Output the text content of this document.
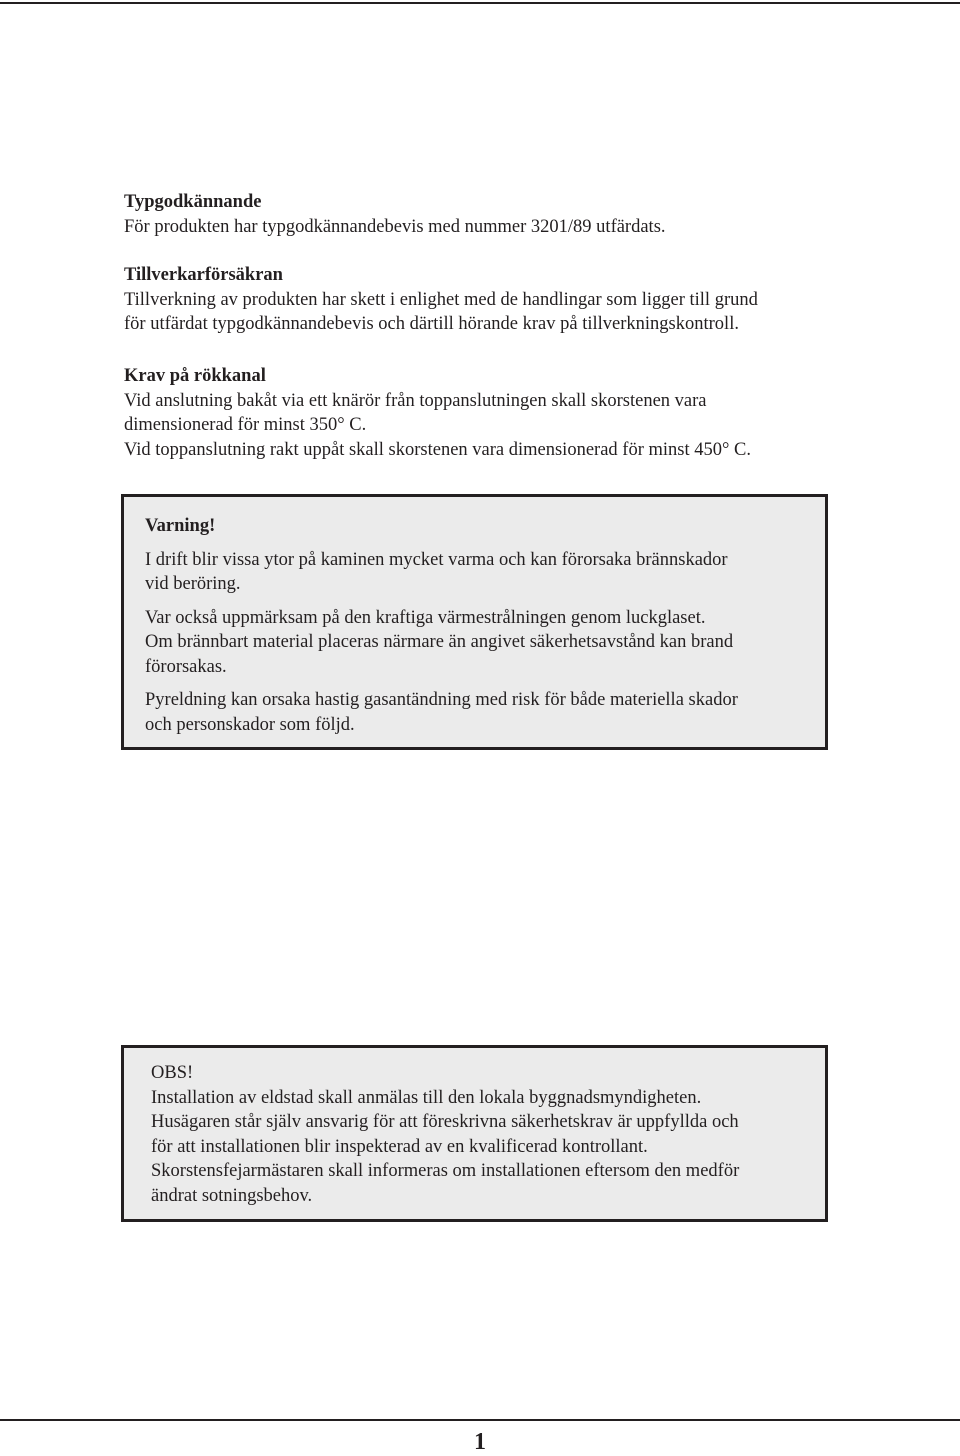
Typgodkännande

För produkten har typgodkännandebevis med nummer 3201/89 utfärdats.

Tillverkarförsäkran

Tillverkning av produkten har skett i enlighet med de handlingar som ligger till grund

för utfärdat typgodkännandebevis och därtill hörande krav på tillverkningskontroll.

Krav på rökkanal

Vid anslutning bakåt via ett knärör från toppanslutningen skall skorstenen vara

dimensionerad för minst 350° C.

Vid toppanslutning rakt uppåt skall skorstenen vara dimensionerad för minst 450° C.

Varning!

I drift blir vissa ytor på kaminen mycket varma och kan förorsaka brännskador

vid beröring.

Var också uppmärksam på den kraftiga värmestrålningen genom luckglaset.

Om brännbart material placeras närmare än angivet säkerhetsavstånd kan brand

förorsakas.

Pyreldning kan orsaka hastig gasantändning med risk för både materiella skador

och personskador som följd.

OBS!

Installation av eldstad skall anmälas till den lokala byggnadsmyndigheten.

Husägaren står själv ansvarig för att föreskrivna säkerhetskrav är uppfyllda och

för att installationen blir inspekterad av en kvalificerad kontrollant.

Skorstensfejarmästaren skall informeras om installationen eftersom den medför

ändrat sotningsbehov.

1
